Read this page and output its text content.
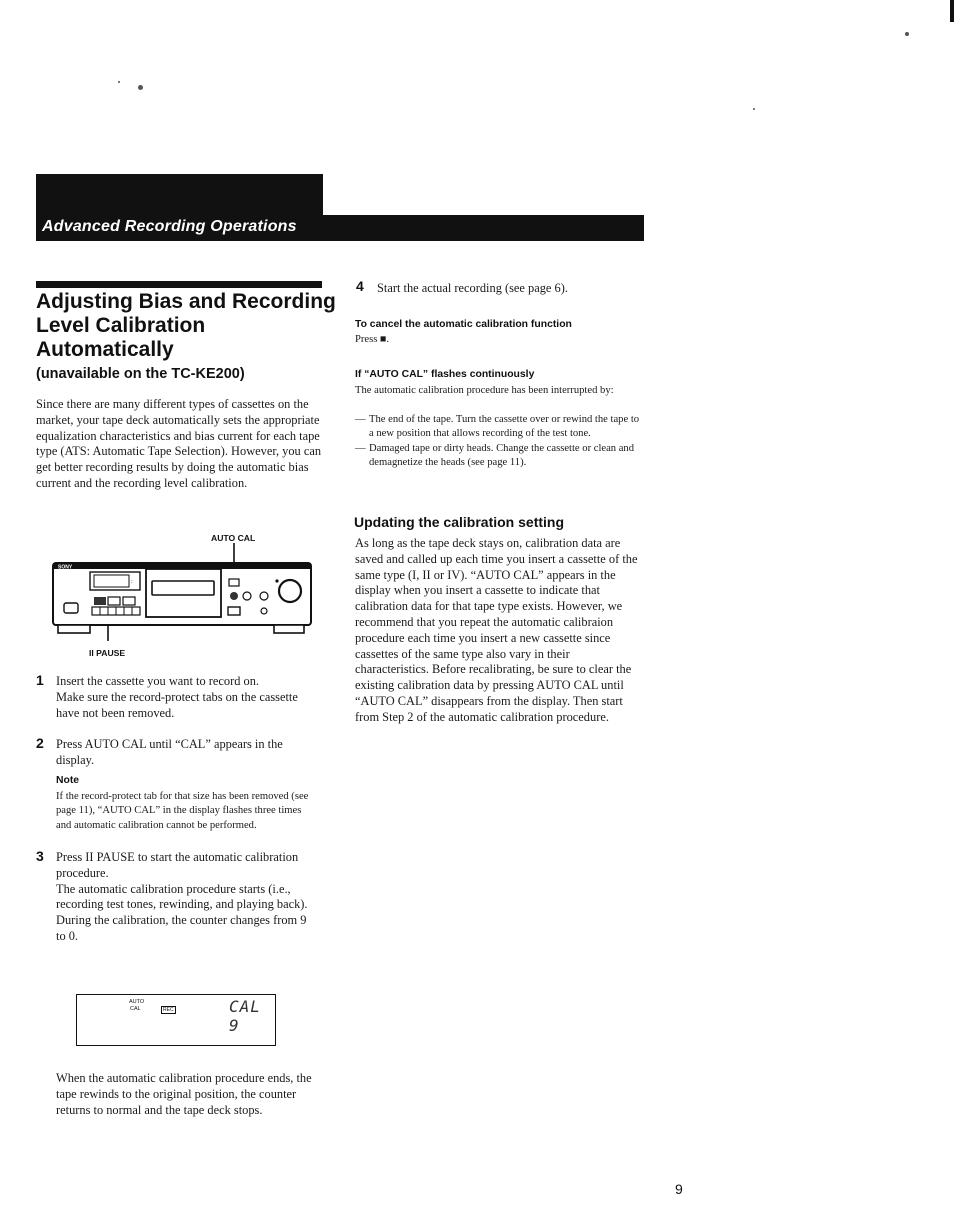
Advanced Recording Operations
Adjusting Bias and Recording
Level Calibration
Automatically
(unavailable on the TC-KE200)
Since there are many different types of cassettes on the market, your tape deck automatically sets the appropriate equalization characteristics and bias current for each tape type (ATS: Automatic Tape Selection). However, you can get better recording results by doing the automatic bias current and the recording level calibration.
AUTO CAL
II PAUSE
SONY
:
1 Insert the cassette you want to record on.
Make sure the record-protect tabs on the cassette have not been removed.
2 Press AUTO CAL until “CAL” appears in the display.
Note
If the record-protect tab for that size has been removed (see page 11), “AUTO CAL” in the display flashes three times and automatic calibration cannot be performed.
3 Press II PAUSE to start the automatic calibration procedure.
The automatic calibration procedure starts (i.e., recording test tones, rewinding, and playing back).
During the calibration, the counter changes from 9 to 0.
AUTO
CAL	REC	CAL 9
When the automatic calibration procedure ends, the tape rewinds to the original position, the counter returns to normal and the tape deck stops.
4 Start the actual recording (see page 6).
To cancel the automatic calibration function
Press ■.
If “AUTO CAL” flashes continuously
The automatic calibration procedure has been interrupted by:
— The end of the tape. Turn the cassette over or rewind the tape to a new position that allows recording of the test tone.
— Damaged tape or dirty heads. Change the cassette or clean and demagnetize the heads (see page 11).
Updating the calibration setting
As long as the tape deck stays on, calibration data are saved and called up each time you insert a cassette of the same type (I, II or IV). “AUTO CAL” appears in the display when you insert a cassette to indicate that calibration data for that tape type exists. However, we recommend that you repeat the automatic calibraion procedure each time you insert a new cassette since cassettes of the same type also vary in their characteristics. Before recalibrating, be sure to clear the existing calibration data by pressing AUTO CAL until “AUTO CAL” disappears from the display. Then start from Step 2 of the automatic calibration procedure.
9
